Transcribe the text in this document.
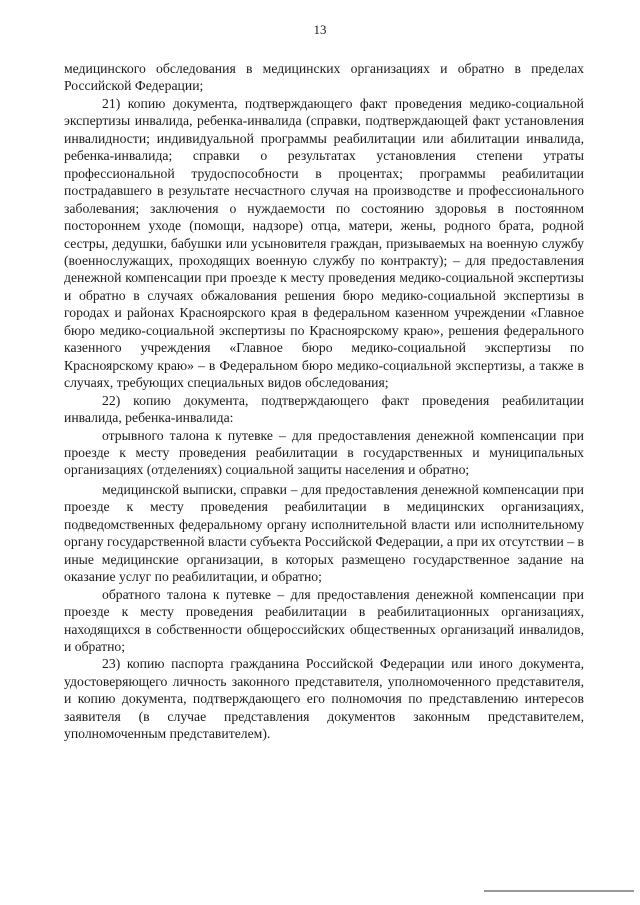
13

медицинского обследования в медицинских организациях и обратно в пределах Российской Федерации;

21) копию документа, подтверждающего факт проведения медико-социальной экспертизы инвалида, ребенка-инвалида (справки, подтверждающей факт установления инвалидности; индивидуальной программы реабилитации или абилитации инвалида, ребенка-инвалида; справки о результатах установления степени утраты профессиональной трудоспособности в процентах; программы реабилитации пострадавшего в результате несчастного случая на производстве и профессионального заболевания; заключения о нуждаемости по состоянию здоровья в постоянном постороннем уходе (помощи, надзоре) отца, матери, жены, родного брата, родной сестры, дедушки, бабушки или усыновителя граждан, призываемых на военную службу (военнослужащих, проходящих военную службу по контракту); – для предоставления денежной компенсации при проезде к месту проведения медико-социальной экспертизы и обратно в случаях обжалования решения бюро медико-социальной экспертизы в городах и районах Красноярского края в федеральном казенном учреждении «Главное бюро медико-социальной экспертизы по Красноярскому краю», решения федерального казенного учреждения «Главное бюро медико-социальной экспертизы по Красноярскому краю» – в Федеральном бюро медико-социальной экспертизы, а также в случаях, требующих специальных видов обследования;

22) копию документа, подтверждающего факт проведения реабилитации инвалида, ребенка-инвалида:

отрывного талона к путевке – для предоставления денежной компенсации при проезде к месту проведения реабилитации в государственных и муниципальных организациях (отделениях) социальной защиты населения и обратно;

медицинской выписки, справки – для предоставления денежной компенсации при проезде к месту проведения реабилитации в медицинских организациях, подведомственных федеральному органу исполнительной власти или исполнительному органу государственной власти субъекта Российской Федерации, а при их отсутствии – в иные медицинские организации, в которых размещено государственное задание на оказание услуг по реабилитации, и обратно;

обратного талона к путевке – для предоставления денежной компенсации при проезде к месту проведения реабилитации в реабилитационных организациях, находящихся в собственности общероссийских общественных организаций инвалидов, и обратно;

23) копию паспорта гражданина Российской Федерации или иного документа, удостоверяющего личность законного представителя, уполномоченного представителя, и копию документа, подтверждающего его полномочия по представлению интересов заявителя (в случае представления документов законным представителем, уполномоченным представителем).
